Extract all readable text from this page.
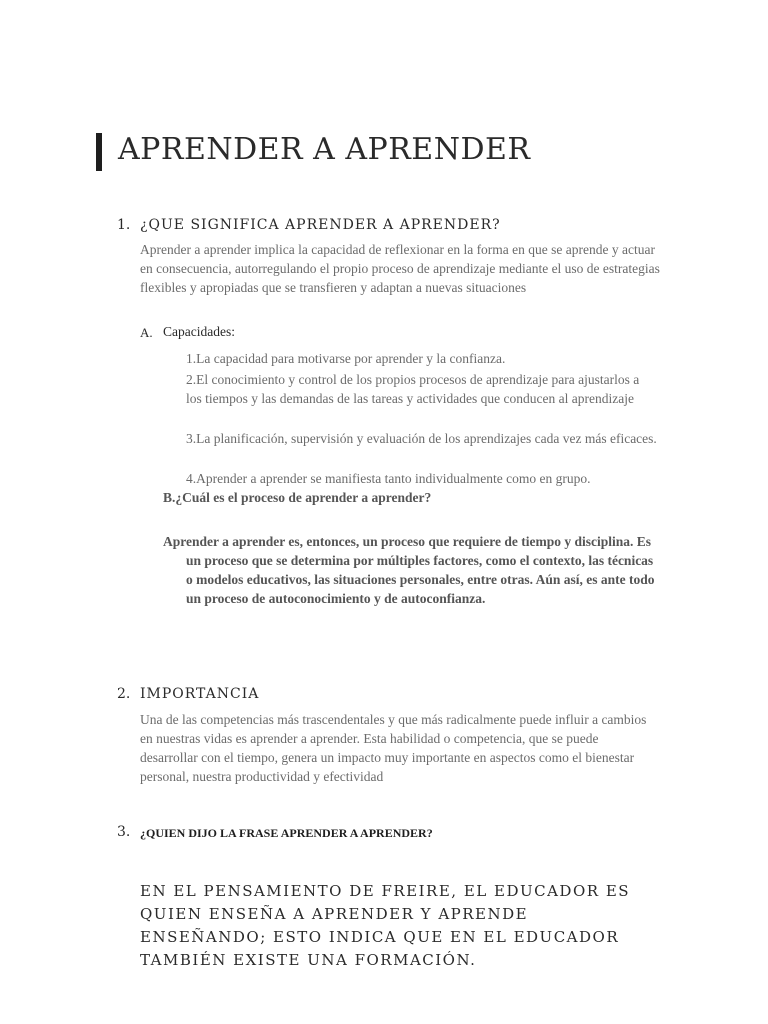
APRENDER A APRENDER
1. ¿QUE SIGNIFICA APRENDER A APRENDER?
Aprender a aprender implica la capacidad de reflexionar en la forma en que se aprende y actuar en consecuencia, autorregulando el propio proceso de aprendizaje mediante el uso de estrategias flexibles y apropiadas que se transfieren y adaptan a nuevas situaciones
A. Capacidades:
1.La capacidad para motivarse por aprender y la confianza.
2.El conocimiento y control de los propios procesos de aprendizaje para ajustarlos a los tiempos y las demandas de las tareas y actividades que conducen al aprendizaje
3.La planificación, supervisión y evaluación de los aprendizajes cada vez más eficaces.
4.Aprender a aprender se manifiesta tanto individualmente como en grupo.
B.¿Cuál es el proceso de aprender a aprender?
Aprender a aprender es, entonces, un proceso que requiere de tiempo y disciplina. Es un proceso que se determina por múltiples factores, como el contexto, las técnicas o modelos educativos, las situaciones personales, entre otras. Aún así, es ante todo un proceso de autoconocimiento y de autoconfianza.
2. IMPORTANCIA
Una de las competencias más trascendentales y que más radicalmente puede influir a cambios en nuestras vidas es aprender a aprender. Esta habilidad o competencia, que se puede desarrollar con el tiempo, genera un impacto muy importante en aspectos como el bienestar personal, nuestra productividad y efectividad
3. ¿QUIEN DIJO LA FRASE APRENDER A APRENDER?
EN EL PENSAMIENTO DE FREIRE, EL EDUCADOR ES QUIEN ENSEÑA A APRENDER Y APRENDE ENSEÑANDO; ESTO INDICA QUE EN EL EDUCADOR TAMBIÉN EXISTE UNA FORMACIÓN.
